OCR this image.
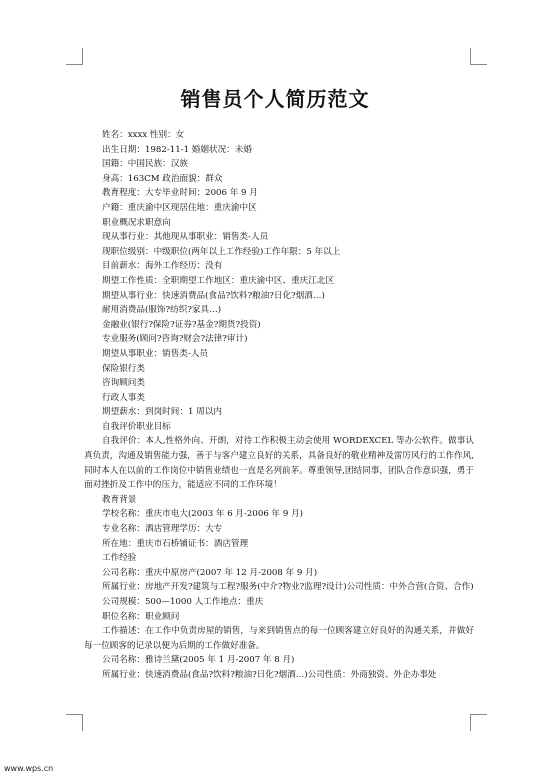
销售员个人简历范文
姓名：xxxx 性别：女
出生日期：1982-11-1 婚姻状况：未婚
国籍：中国民族：汉族
身高：163CM 政治面貌：群众
教育程度：大专毕业时间：2006 年 9 月
户籍：重庆渝中区现居住地：重庆渝中区
职业概况求职意向
现从事行业：其他现从事职业：销售类-人员
现职位级别：中级职位(两年以上工作经验)工作年限：5 年以上
目前薪水：海外工作经历：没有
期望工作性质：全职期望工作地区：重庆渝中区、重庆江北区
期望从事行业：快速消费品(食品?饮料?粮油?日化?烟酒…)
耐用消费品(服饰?纺织?家具…)
金融业(银行?保险?证券?基金?期货?投资)
专业服务(顾问?咨询?财会?法律?审计)
期望从事职业：销售类-人员
保险银行类
咨询顾问类
行政人事类
期望薪水：到岗时间：1 周以内
自我评价职业目标
自我评价：本人,性格外向、开朗，对待工作积极主动会使用 WORDEXCEL 等办公软件。做事认真负责，沟通及销售能力强，善于与客户建立良好的关系，具备良好的敬业精神及雷厉风行的工作作风,同时本人在以前的工作岗位中销售业绩也一直是名列前茅。尊重领导,团结同事，团队合作意识强，勇于面对挫折及工作中的压力，能适应不同的工作环境！
教育背景
学校名称：重庆市电大(2003 年 6 月-2006 年 9 月)
专业名称：酒店管理学历：大专
所在地：重庆市石桥铺证书：酒店管理
工作经验
公司名称：重庆中原房产(2007 年 12 月-2008 年 9 月)
所属行业：房地产开发?建筑与工程?服务(中介?物业?监理?设计)公司性质：中外合营(合资、合作)
公司规模：500—1000 人工作地点：重庆
职位名称：职业顾问
工作描述：在工作中负责房屋的销售，与来到销售点的每一位顾客建立好良好的沟通关系，并做好每一位顾客的记录以便为后期的工作做好准备。
公司名称：雅诗兰黛(2005 年 1 月-2007 年 8 月)
所属行业：快速消费品(食品?饮料?粮油?日化?烟酒…)公司性质：外商独资、外企办事处
www.wps.cn
